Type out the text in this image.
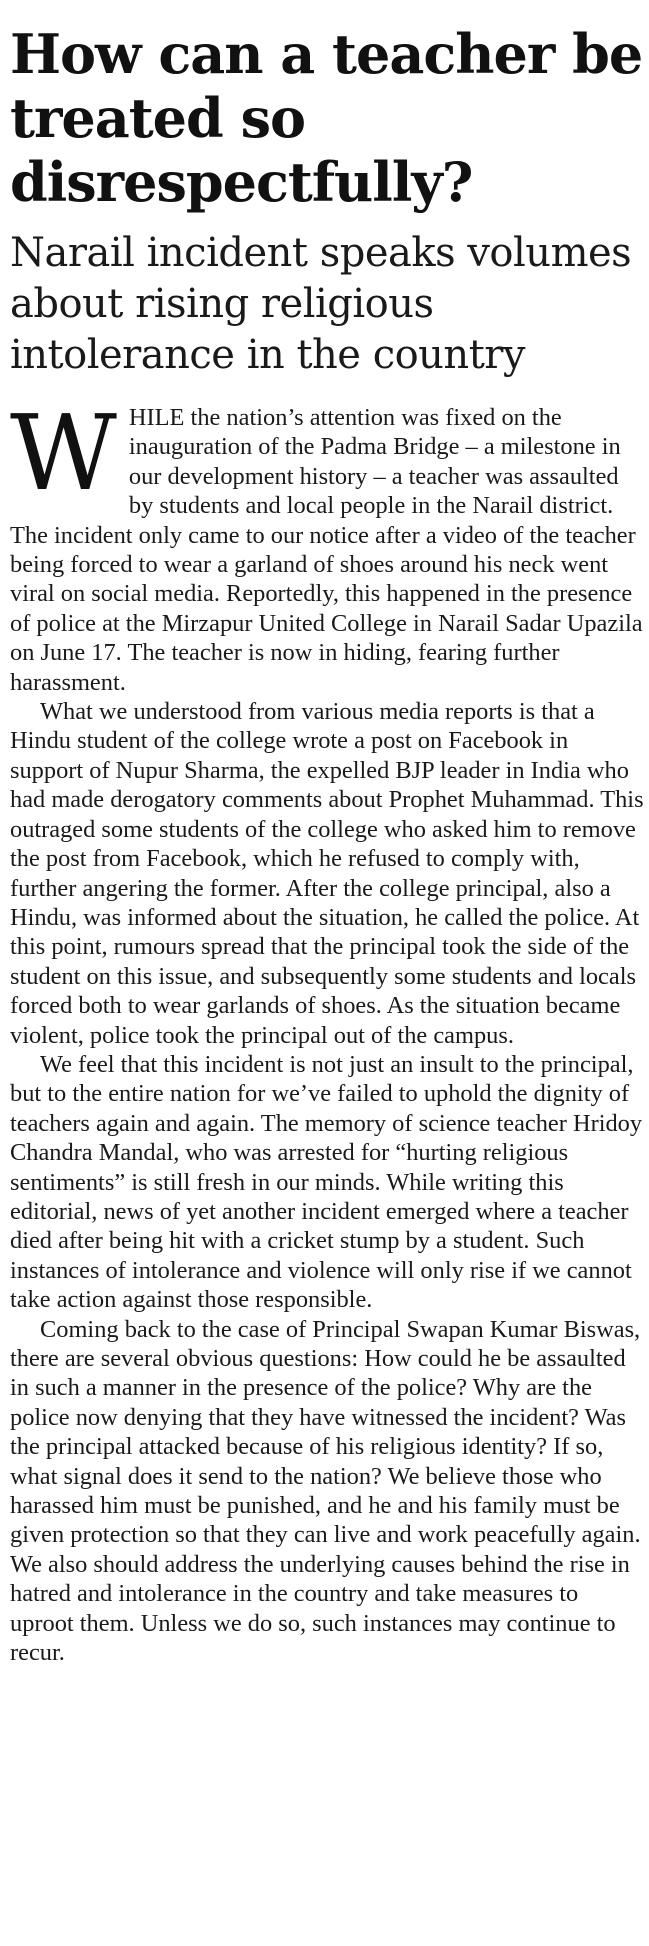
How can a teacher be treated so disrespectfully?
Narail incident speaks volumes about rising religious intolerance in the country

WHILE the nation’s attention was fixed on the inauguration of the Padma Bridge – a milestone in our development history – a teacher was assaulted by students and local people in the Narail district. The incident only came to our notice after a video of the teacher being forced to wear a garland of shoes around his neck went viral on social media. Reportedly, this happened in the presence of police at the Mirzapur United College in Narail Sadar Upazila on June 17. The teacher is now in hiding, fearing further harassment.

What we understood from various media reports is that a Hindu student of the college wrote a post on Facebook in support of Nupur Sharma, the expelled BJP leader in India who had made derogatory comments about Prophet Muhammad. This outraged some students of the college who asked him to remove the post from Facebook, which he refused to comply with, further angering the former. After the college principal, also a Hindu, was informed about the situation, he called the police. At this point, rumours spread that the principal took the side of the student on this issue, and subsequently some students and locals forced both to wear garlands of shoes. As the situation became violent, police took the principal out of the campus.

We feel that this incident is not just an insult to the principal, but to the entire nation for we’ve failed to uphold the dignity of teachers again and again. The memory of science teacher Hridoy Chandra Mandal, who was arrested for “hurting religious sentiments” is still fresh in our minds. While writing this editorial, news of yet another incident emerged where a teacher died after being hit with a cricket stump by a student. Such instances of intolerance and violence will only rise if we cannot take action against those responsible.

Coming back to the case of Principal Swapan Kumar Biswas, there are several obvious questions: How could he be assaulted in such a manner in the presence of the police? Why are the police now denying that they have witnessed the incident? Was the principal attacked because of his religious identity? If so, what signal does it send to the nation? We believe those who harassed him must be punished, and he and his family must be given protection so that they can live and work peacefully again. We also should address the underlying causes behind the rise in hatred and intolerance in the country and take measures to uproot them. Unless we do so, such instances may continue to recur.
